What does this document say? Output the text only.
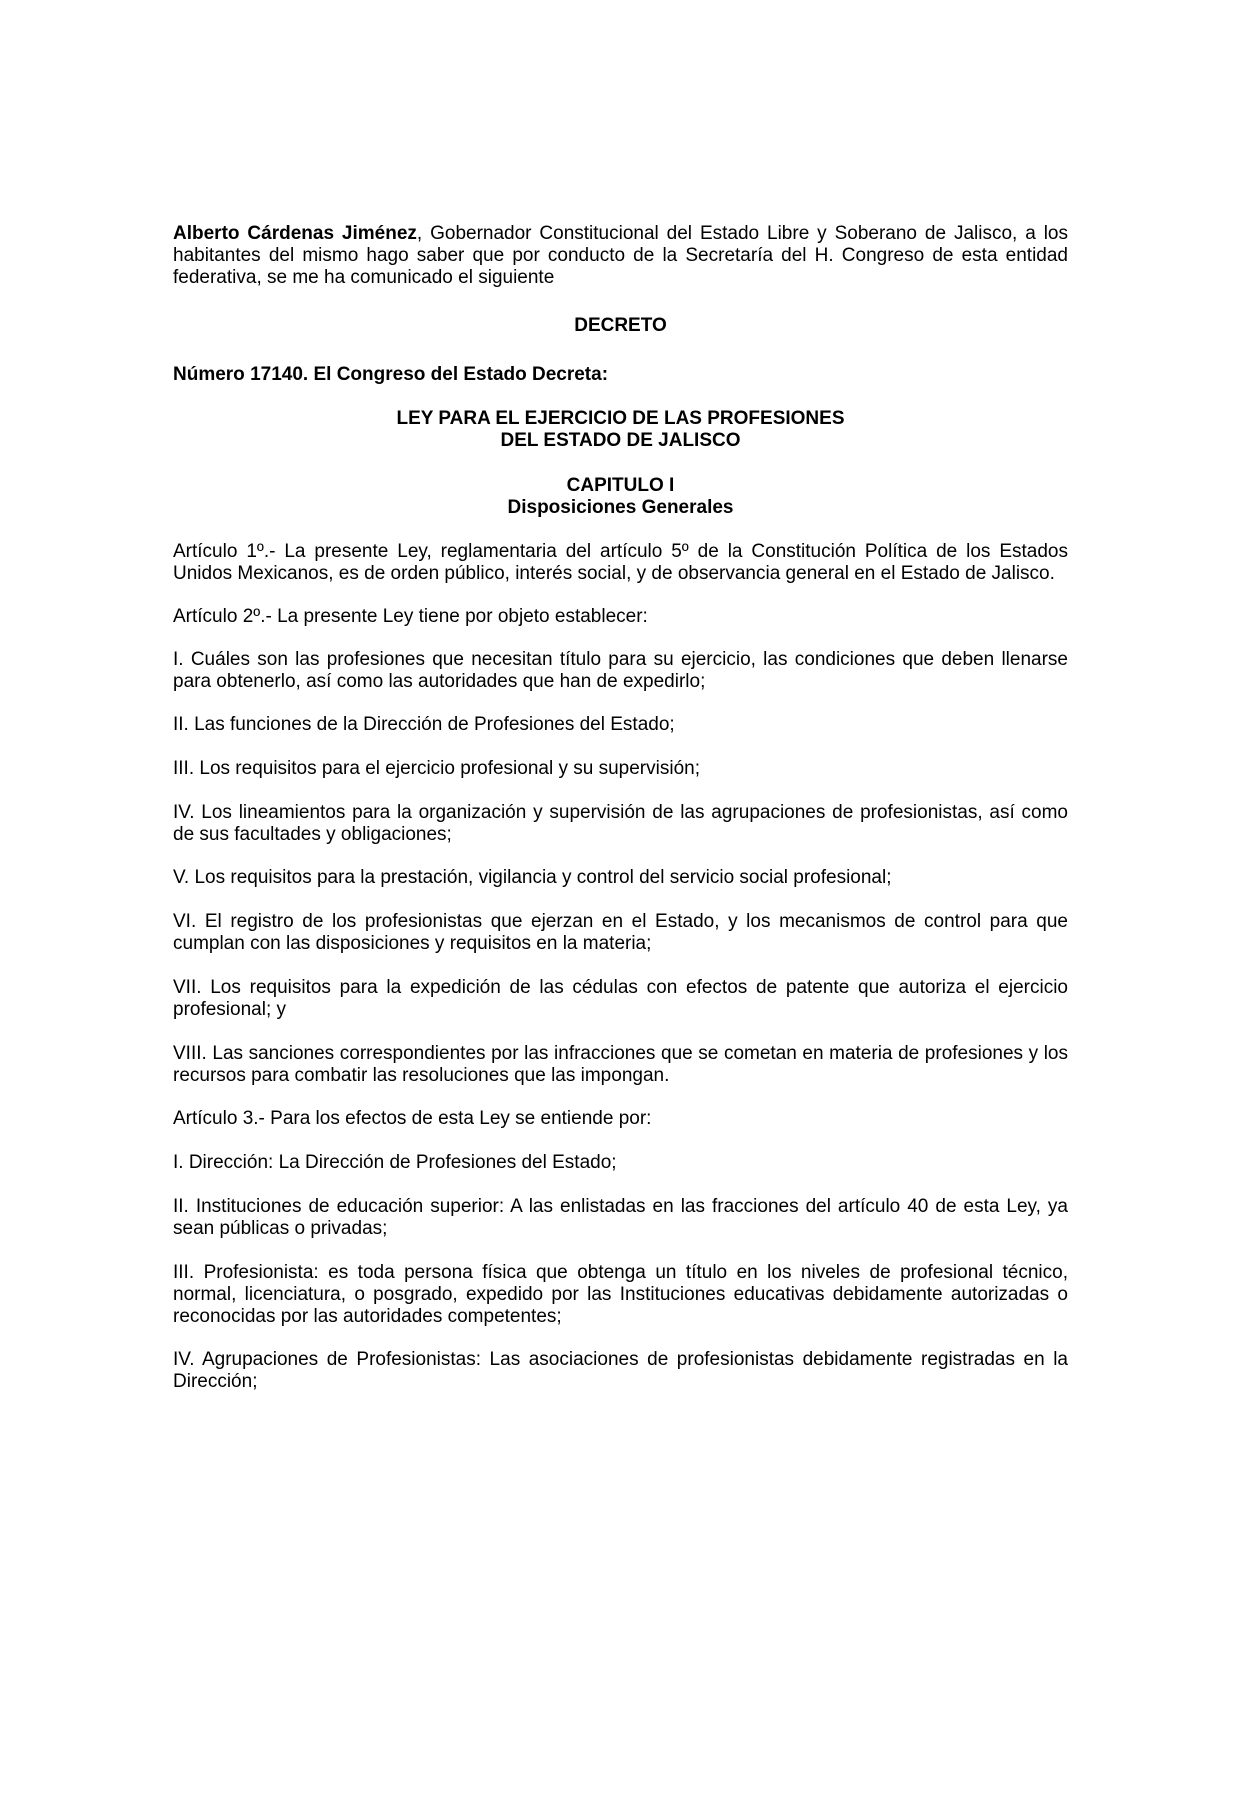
Alberto Cárdenas Jiménez, Gobernador Constitucional del Estado Libre y Soberano de Jalisco, a los habitantes del mismo hago saber que por conducto de la Secretaría del H. Congreso de esta entidad federativa, se me ha comunicado el siguiente

DECRETO

Número 17140. El Congreso del Estado Decreta:

LEY PARA EL EJERCICIO DE LAS PROFESIONES

DEL ESTADO DE JALISCO

CAPITULO I

Disposiciones Generales

Artículo 1º.- La presente Ley, reglamentaria del artículo 5º de la Constitución Política de los Estados Unidos Mexicanos, es de orden público, interés social, y de observancia general en el Estado de Jalisco.

Artículo 2º.- La presente Ley tiene por objeto establecer:

I. Cuáles son las profesiones que necesitan título para su ejercicio, las condiciones que deben llenarse para obtenerlo, así como las autoridades que han de expedirlo;

II. Las funciones de la Dirección de Profesiones del Estado;

III. Los requisitos para el ejercicio profesional y su supervisión;

IV. Los lineamientos para la organización y supervisión de las agrupaciones de profesionistas, así como de sus facultades y obligaciones;

V. Los requisitos para la prestación, vigilancia y control del servicio social profesional;

VI. El registro de los profesionistas que ejerzan en el Estado, y los mecanismos de control para que cumplan con las disposiciones y requisitos en la materia;

VII. Los requisitos para la expedición de las cédulas con efectos de patente que autoriza el ejercicio profesional; y

VIII. Las sanciones correspondientes por las infracciones que se cometan en materia de profesiones y los recursos para combatir las resoluciones que las impongan.

Artículo 3.- Para los efectos de esta Ley se entiende por:

I. Dirección: La Dirección de Profesiones del Estado;

II. Instituciones de educación superior: A las enlistadas en las fracciones del artículo 40 de esta Ley, ya sean públicas o privadas;

III. Profesionista: es toda persona física que obtenga un título en los niveles de profesional técnico, normal, licenciatura, o posgrado, expedido por las Instituciones educativas debidamente autorizadas o reconocidas por las autoridades competentes;

IV. Agrupaciones de Profesionistas: Las asociaciones de profesionistas debidamente registradas en la Dirección;
